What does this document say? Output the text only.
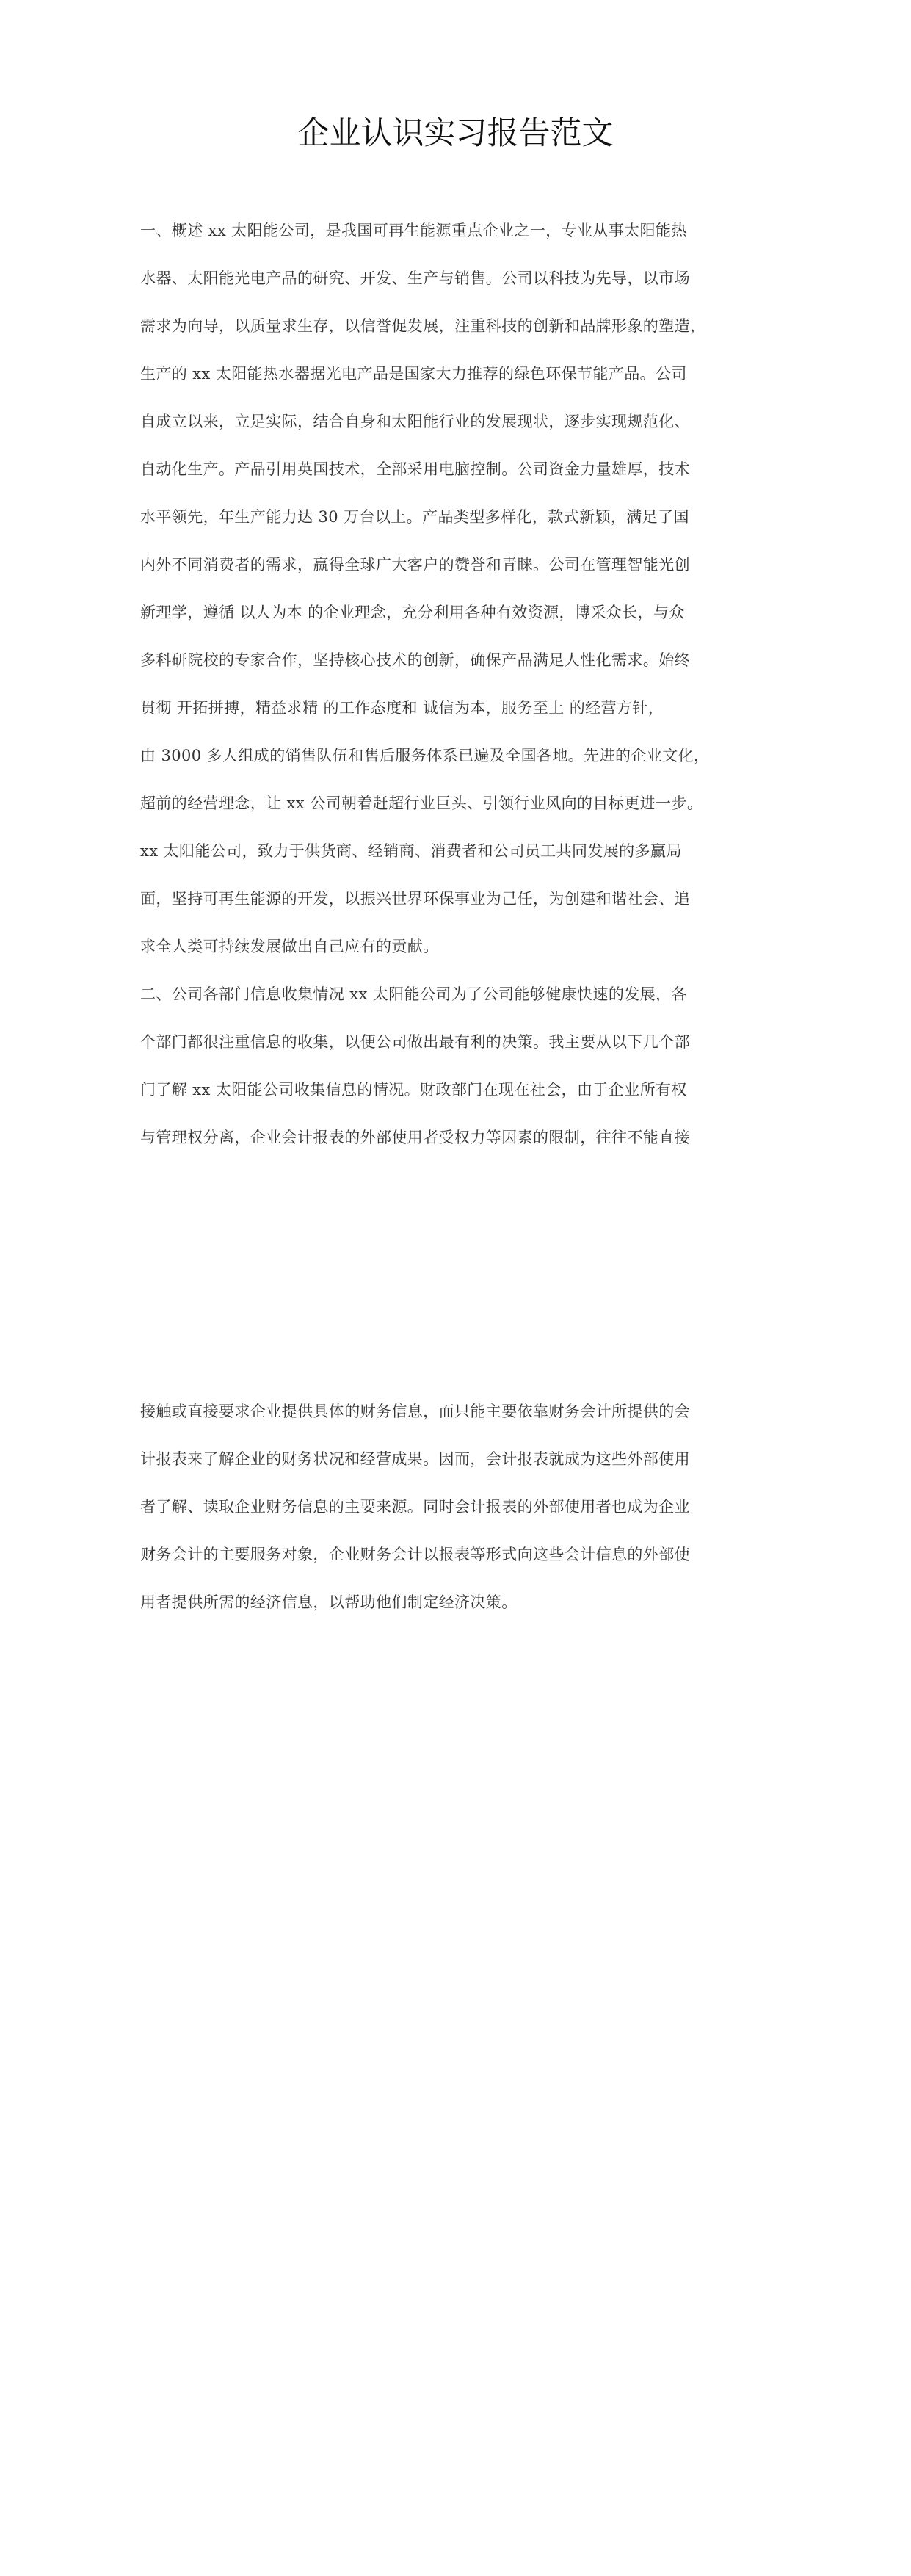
企业认识实习报告范文
一、概述 xx 太阳能公司，是我国可再生能源重点企业之一，专业从事太阳能热
水器、太阳能光电产品的研究、开发、生产与销售。公司以科技为先导，以市场
需求为向导，以质量求生存，以信誉促发展，注重科技的创新和品牌形象的塑造，
生产的 xx 太阳能热水器据光电产品是国家大力推荐的绿色环保节能产品。公司
自成立以来，立足实际，结合自身和太阳能行业的发展现状，逐步实现规范化、
自动化生产。产品引用英国技术，全部采用电脑控制。公司资金力量雄厚，技术
水平领先，年生产能力达 30 万台以上。产品类型多样化，款式新颖，满足了国
内外不同消费者的需求，赢得全球广大客户的赞誉和青睐。公司在管理智能光创
新理学，遵循 以人为本 的企业理念，充分利用各种有效资源，博采众长，与众
多科研院校的专家合作，坚持核心技术的创新，确保产品满足人性化需求。始终
贯彻 开拓拼搏，精益求精 的工作态度和 诚信为本，服务至上 的经营方针，
由 3000 多人组成的销售队伍和售后服务体系已遍及全国各地。先进的企业文化，
超前的经营理念，让 xx 公司朝着赶超行业巨头、引领行业风向的目标更进一步。
xx 太阳能公司，致力于供货商、经销商、消费者和公司员工共同发展的多赢局
面，坚持可再生能源的开发，以振兴世界环保事业为己任，为创建和谐社会、追
求全人类可持续发展做出自己应有的贡献。
二、公司各部门信息收集情况 xx 太阳能公司为了公司能够健康快速的发展，各
个部门都很注重信息的收集，以便公司做出最有利的决策。我主要从以下几个部
门了解 xx 太阳能公司收集信息的情况。财政部门在现在社会，由于企业所有权
与管理权分离，企业会计报表的外部使用者受权力等因素的限制，往往不能直接
接触或直接要求企业提供具体的财务信息，而只能主要依靠财务会计所提供的会
计报表来了解企业的财务状况和经营成果。因而，会计报表就成为这些外部使用
者了解、读取企业财务信息的主要来源。同时会计报表的外部使用者也成为企业
财务会计的主要服务对象，企业财务会计以报表等形式向这些会计信息的外部使
用者提供所需的经济信息，以帮助他们制定经济决策。
